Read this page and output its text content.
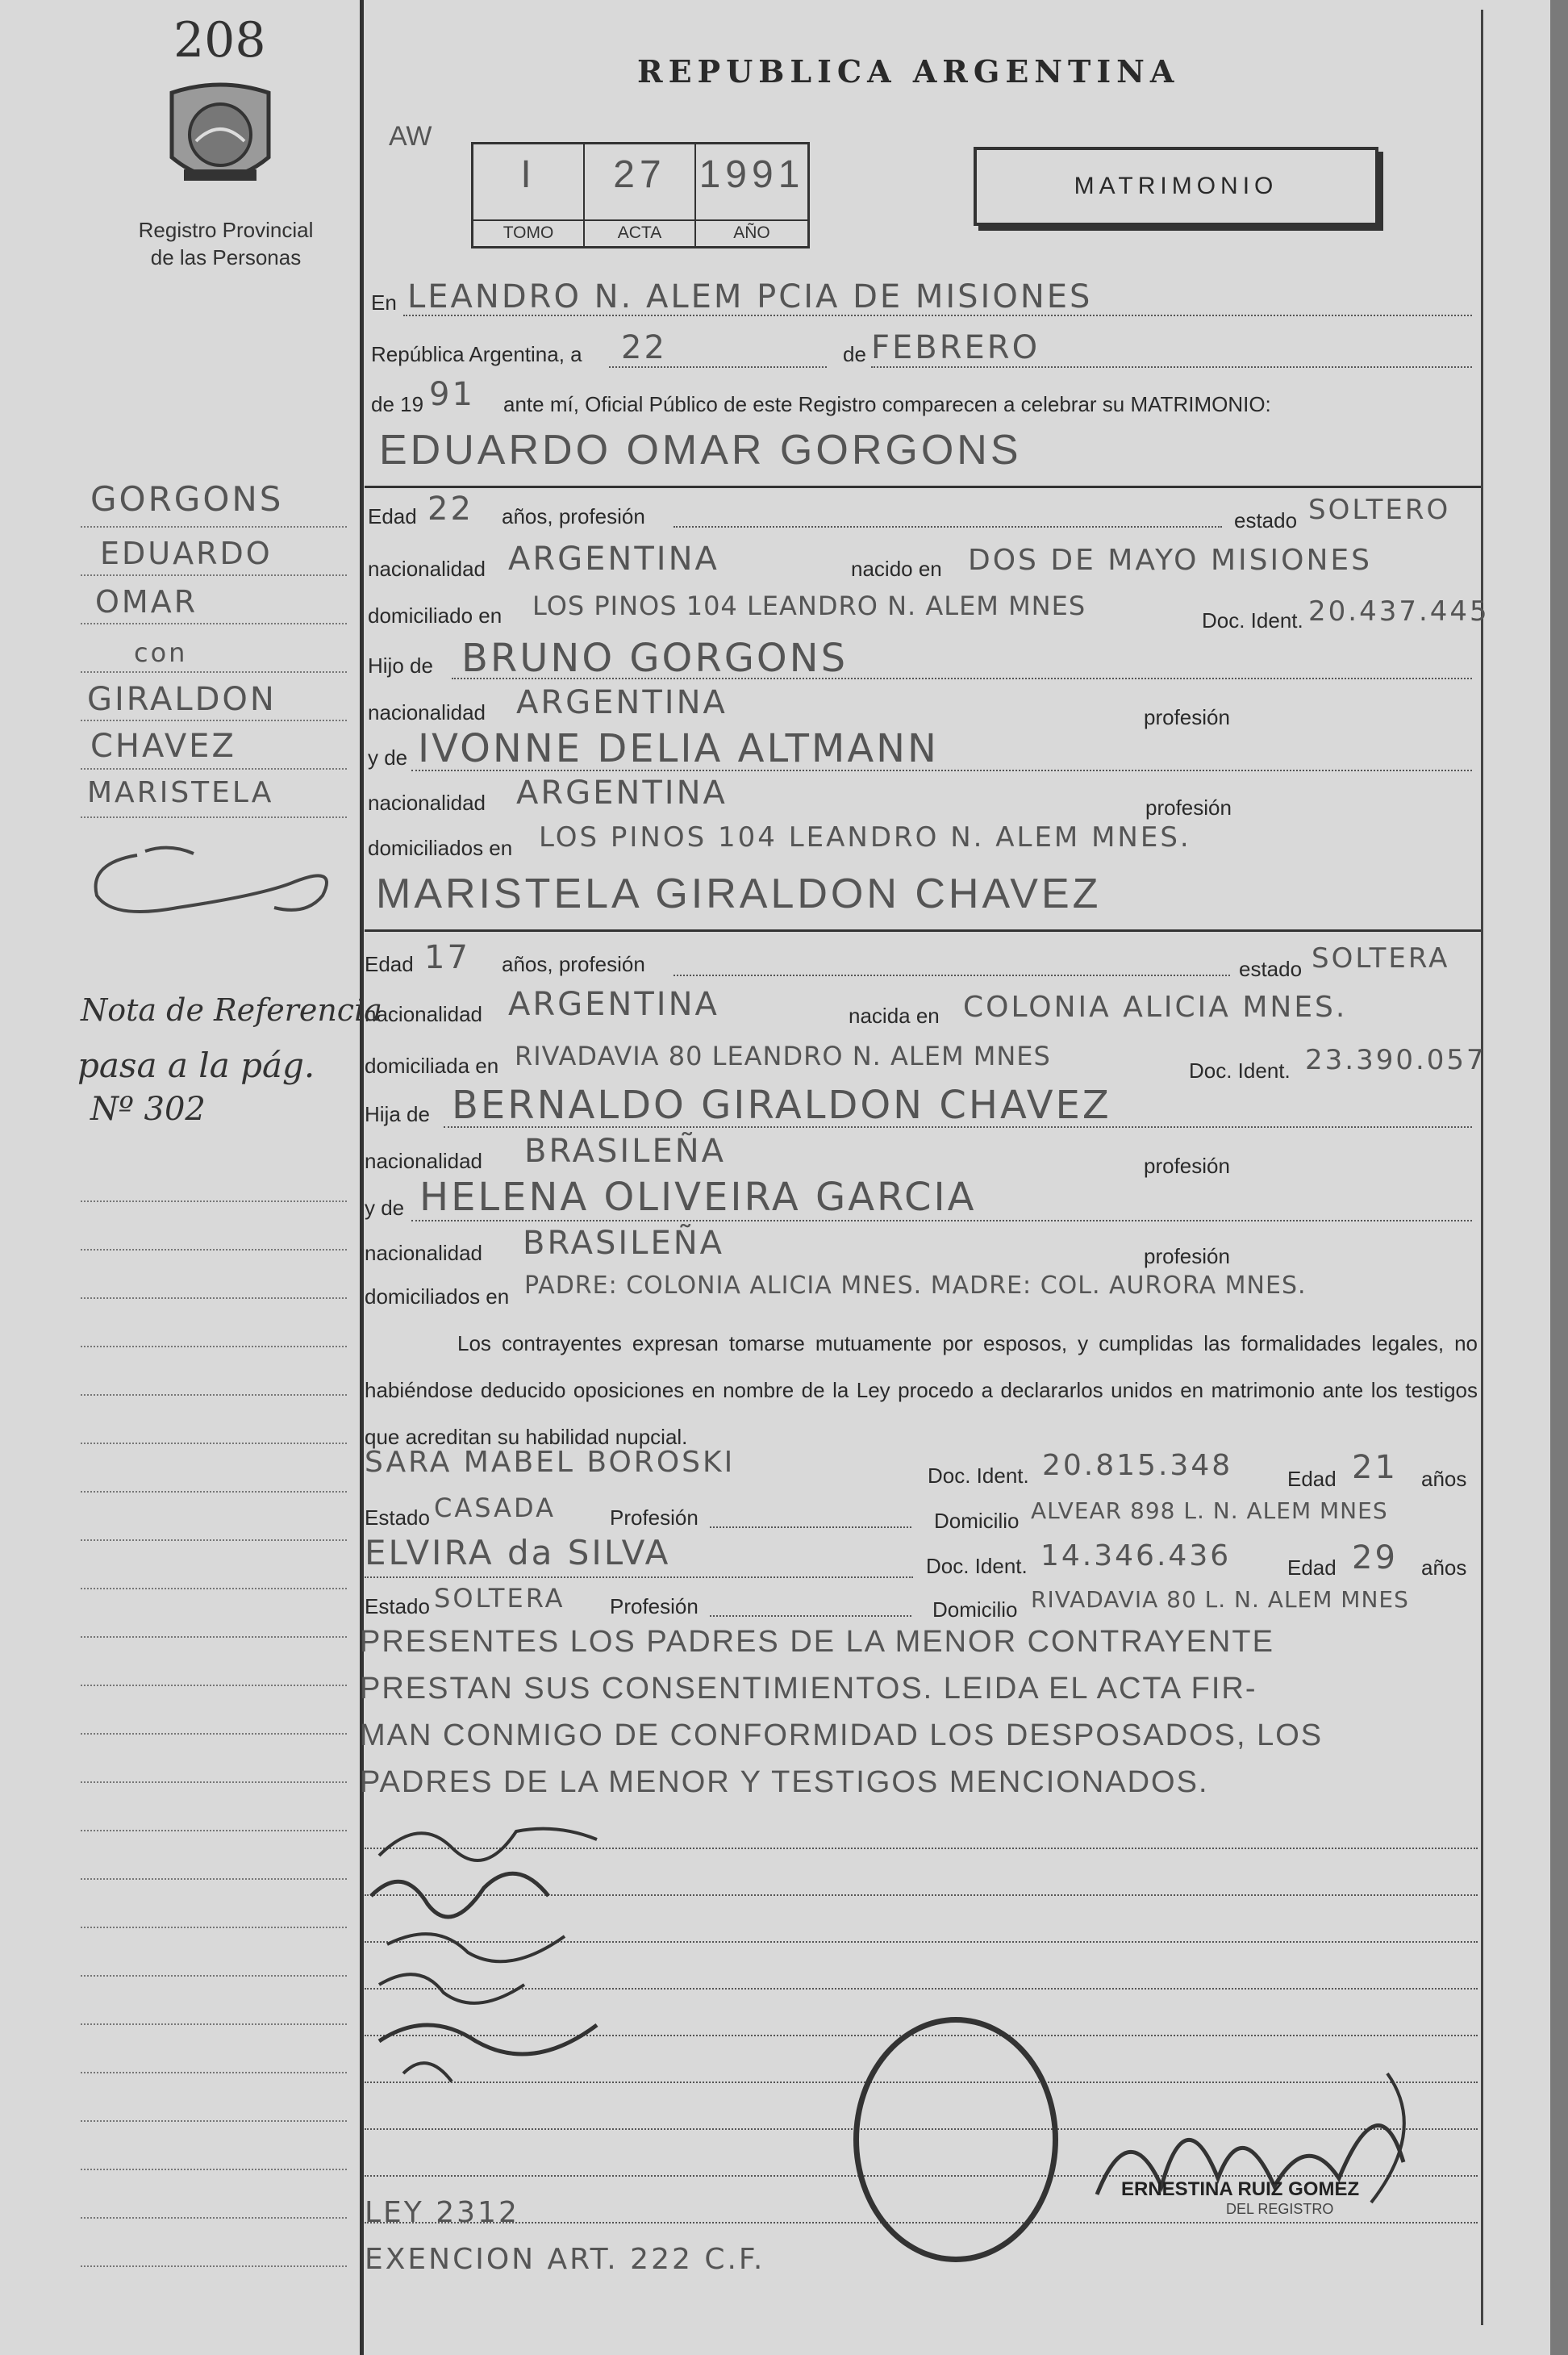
208
Registro Provincial
de las Personas
REPUBLICA ARGENTINA
AW
I
TOMO
27
ACTA
1991
AÑO
MATRIMONIO
En LEANDRO N. ALEM PCIA DE MISIONES
República Argentina, a 22	de FEBRERO
de 19 91 ante mí, Oficial Público de este Registro comparecen a celebrar su MATRIMONIO:
EDUARDO OMAR GORGONS
Edad 22 años, profesión	estado SOLTERO
nacionalidad ARGENTINA	nacido en DOS DE MAYO MISIONES
domiciliado en LOS PINOS 104 LEANDRO N. ALEM MNES	Doc. Ident. 20.437.445
Hijo de BRUNO GORGONS
nacionalidad ARGENTINA	profesión
y de IVONNE DELIA ALTMANN
nacionalidad ARGENTINA	profesión
domiciliados en LOS PINOS 104 LEANDRO N. ALEM MNES.
MARISTELA GIRALDON CHAVEZ
Edad 17 años, profesión	estado SOLTERA
nacionalidad ARGENTINA	nacida en COLONIA ALICIA MNES.
domiciliada en RIVADAVIA 80 LEANDRO N. ALEM MNES	Doc. Ident. 23.390.057
Hija de BERNALDO GIRALDON CHAVEZ
nacionalidad BRASILEÑA	profesión
y de HELENA OLIVEIRA GARCIA
nacionalidad BRASILEÑA	profesión
domiciliados en PADRE: COLONIA ALICIA MNES. MADRE: COL. AURORA MNES.
Los contrayentes expresan tomarse mutuamente por esposos, y cumplidas las formalidades legales, no habiéndose deducido oposiciones en nombre de la Ley procedo a declararlos unidos en matrimonio ante los testigos que acreditan su habilidad nupcial.
SARA MABEL BOROSKI	Doc. Ident. 20.815.348	Edad 21 años
Estado CASADA	Profesión	Domicilio ALVEAR 898 L. N. ALEM MNES
ELVIRA da SILVA	Doc. Ident. 14.346.436	Edad 29 años
Estado SOLTERA Profesión	Domicilio RIVADAVIA 80 L. N. ALEM MNES
PRESENTES LOS PADRES DE LA MENOR CONTRAYENTE
PRESTAN SUS CONSENTIMIENTOS. LEIDA EL ACTA FIR-
MAN CONMIGO DE CONFORMIDAD LOS DESPOSADOS, LOS
PADRES DE LA MENOR Y TESTIGOS MENCIONADOS.
ERNESTINA RUIZ GOMEZ
DEL REGISTRO
LEY 2312
EXENCION ART. 222 C.F.
GORGONS
EDUARDO
OMAR
con
GIRALDON
CHAVEZ
MARISTELA
Nota de Referencia
pasa a la pág.
Nº 302
